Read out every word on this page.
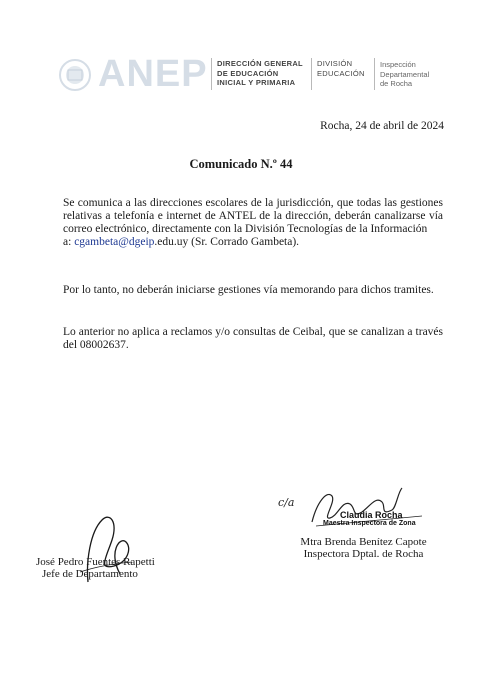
ANEP DIRECCIÓN GENERAL
DE EDUCACIÓN
INICIAL Y PRIMARIA
DIVISIÓN
EDUCACIÓN
Inspección
Departamental
de Rocha
Rocha, 24 de abril de 2024
Comunicado N.º 44
Se comunica a las direcciones escolares de la jurisdicción, que todas las gestiones relativas a telefonía e internet de ANTEL de la dirección, deberán canalizarse vía correo electrónico, directamente con la División Tecnologías de la Información
a: cgambeta@dgeip.edu.uy (Sr. Corrado Gambeta).
Por lo tanto, no deberán iniciarse gestiones vía memorando para dichos tramites.
Lo anterior no aplica a reclamos y/o consultas de Ceibal, que se canalizan a través del 08002637.
c/a
Claudia Rocha
Maestra Inspectora de Zona
Mtra Brenda Benítez Capote
Inspectora Dptal. de Rocha
José Pedro Fuentes Rapetti
Jefe de Departamento
